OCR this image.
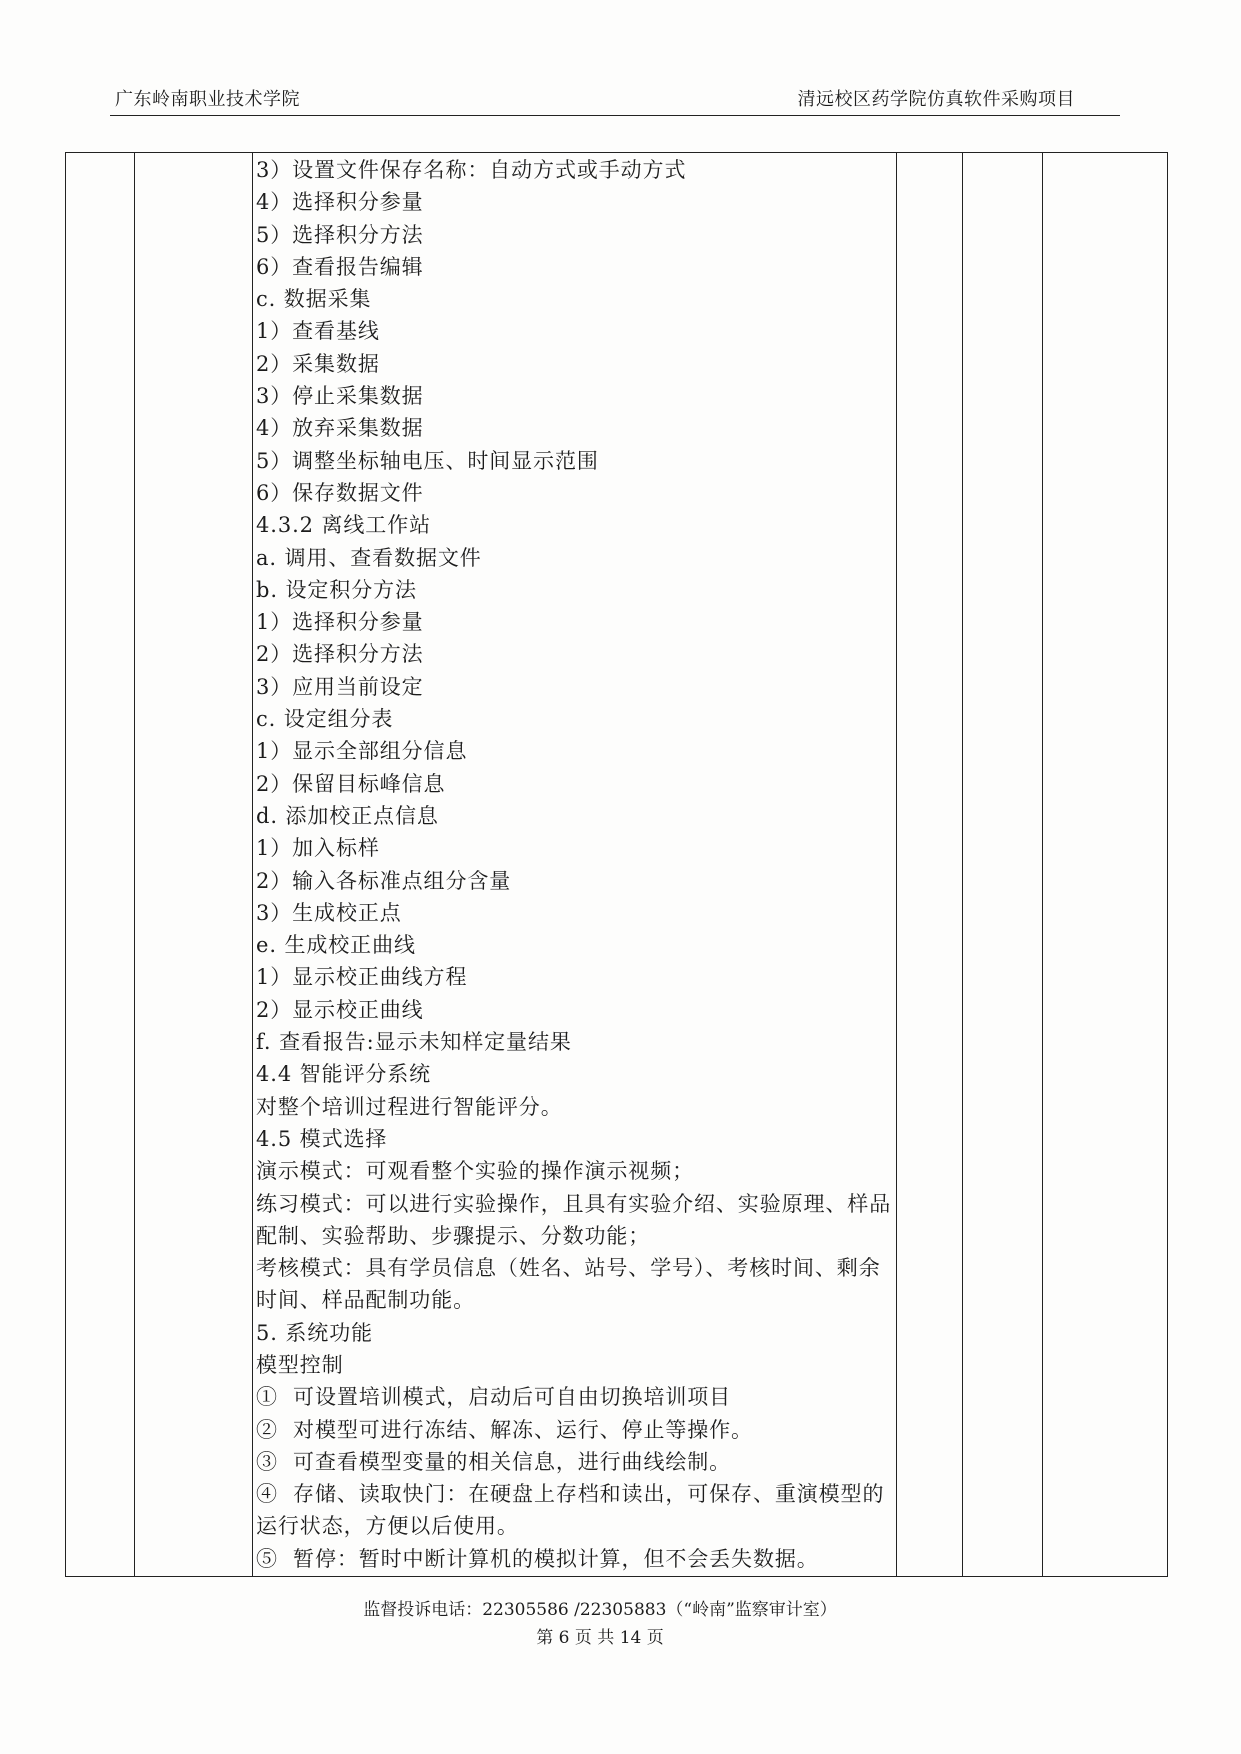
广东岭南职业技术学院	清远校区药学院仿真软件采购项目
3）设置文件保存名称：自动方式或手动方式
4）选择积分参量
5）选择积分方法
6）查看报告编辑
c. 数据采集
1）查看基线
2）采集数据
3）停止采集数据
4）放弃采集数据
5）调整坐标轴电压、时间显示范围
6）保存数据文件
4.3.2 离线工作站
a. 调用、查看数据文件
b. 设定积分方法
1）选择积分参量
2）选择积分方法
3）应用当前设定
c. 设定组分表
1）显示全部组分信息
2）保留目标峰信息
d. 添加校正点信息
1）加入标样
2）输入各标准点组分含量
3）生成校正点
e. 生成校正曲线
1）显示校正曲线方程
2）显示校正曲线
f. 查看报告:显示未知样定量结果
4.4 智能评分系统
对整个培训过程进行智能评分。
4.5 模式选择
演示模式：可观看整个实验的操作演示视频；
练习模式：可以进行实验操作，且具有实验介绍、实验原理、样品
配制、实验帮助、步骤提示、分数功能；
考核模式：具有学员信息（姓名、站号、学号）、考核时间、剩余
时间、样品配制功能。
5. 系统功能
模型控制
①  可设置培训模式，启动后可自由切换培训项目
②  对模型可进行冻结、解冻、运行、停止等操作。
③  可查看模型变量的相关信息，进行曲线绘制。
④  存储、读取快门：在硬盘上存档和读出，可保存、重演模型的
运行状态，方便以后使用。
⑤  暂停：暂时中断计算机的模拟计算，但不会丢失数据。
监督投诉电话：22305586 /22305883（“岭南”监察审计室）
第 6 页 共 14 页
